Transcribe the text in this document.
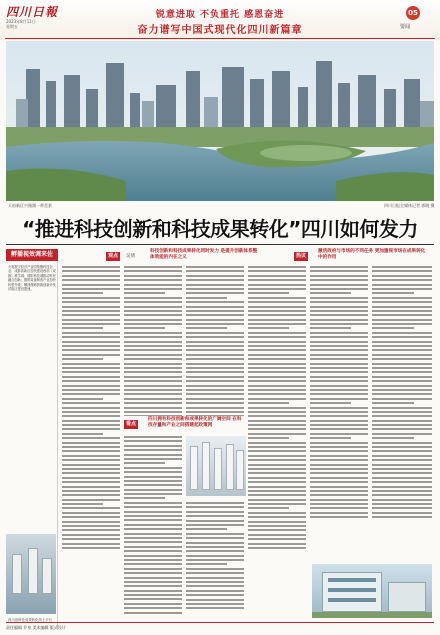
四川日報
2023年8月11日
星期五
锐意进取 不负重托 感恩奋进
奋力谱写中国式现代化四川新篇章
05
要闻
天府新区兴隆湖一带美景	四川日报全媒体记者 郭晓 摄
“推进科技创新和科技成果转化”四川如何发力
孵播视效调来佐
天府数字经济产业园集聚科技企业；成都高新区加快建设西部（成都）科学城；绵阳科技城推动军民融合创新；德阳装备制造产业加快转型升级；攀西战略资源创新开发试验区建设提速。
四川省科技成果转化线上平台
观点	吴倩
科技创新和科技成果转化同时发力 是提升创新体系整体效能的内在之义
看点
四川拥有科技创新和成果转化的广阔空间 在科技存量和产业之间搭建起政策网
热议
激活政府与市场的不同任务 更加重视市场在成果转化中的作用
责任编辑 乔泉 美术编辑 版式设计
